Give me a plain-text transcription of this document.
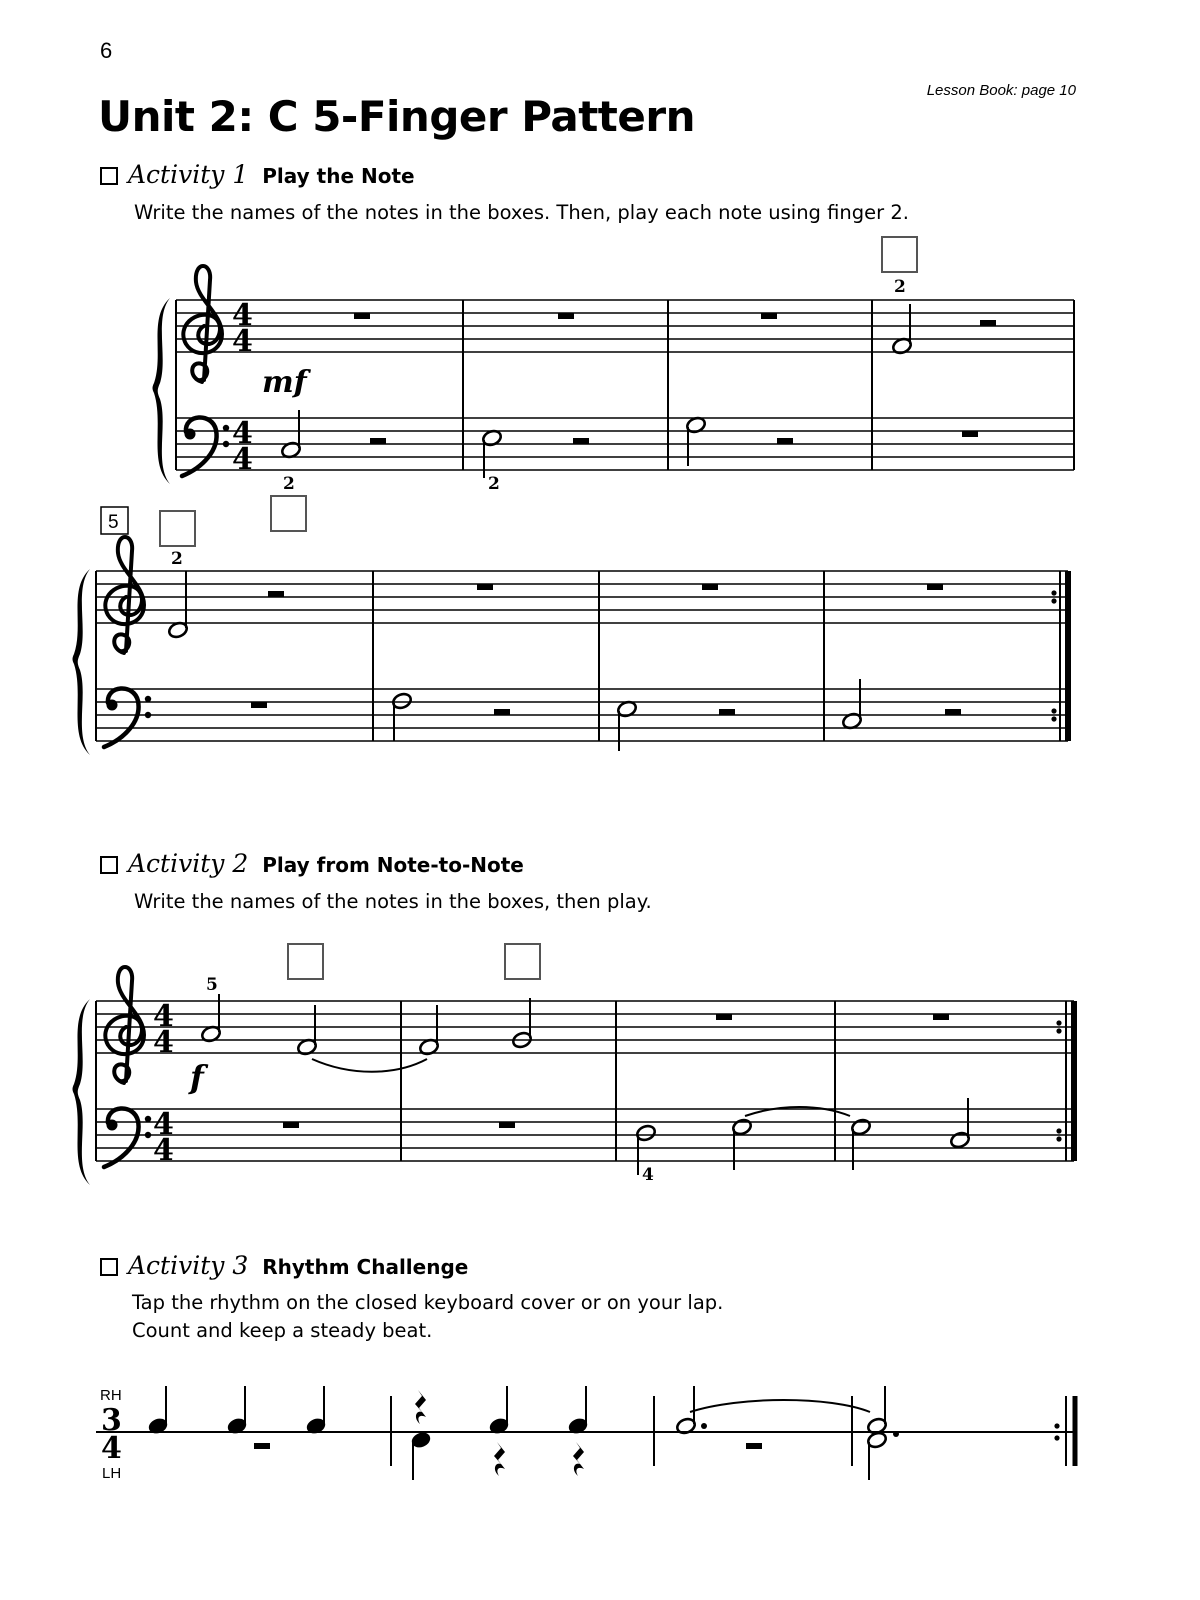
6
Lesson Book: page 10
Unit 2: C 5-Finger Pattern
Activity 1 Play the Note
Write the names of the notes in the boxes. Then, play each note using finger 2.
Activity 2 Play from Note-to-Note
Write the names of the notes in the boxes, then play.
Activity 3 Rhythm Challenge
Tap the rhythm on the closed keyboard cover or on your lap.
Count and keep a steady beat.
4
4
4
4
mf
2	2
2
5
2
4
4
4
4
f
5
4
RH
LH
3
4
